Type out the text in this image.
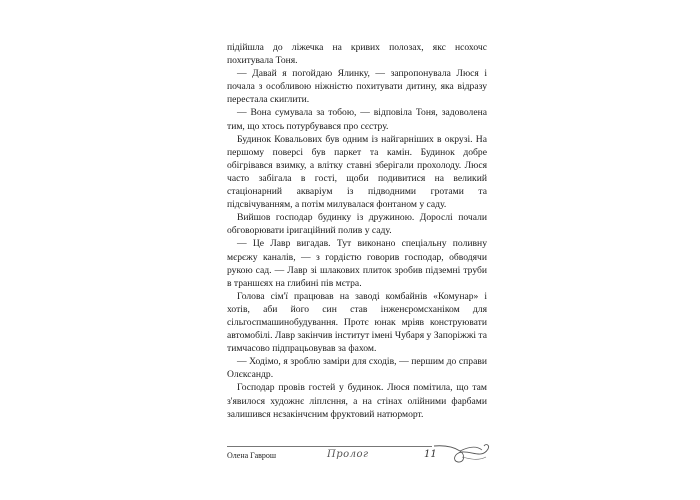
підійшла до ліжечка на кривих полозах, якс нсохочс похитувала Тоня.

— Давай я погойдаю Ялинку, — запропонувала Люся і почала з особливою ніжністю похитувати дитину, яка відразу перестала скиглити.

— Вона сумувала за тобою, — відповіла Тоня, задоволена тим, що хтось потурбувався про сєстру.

Будинок Ковальових був одним із найгарніших в окрузі. На першому поверсі був паркет та камін. Будинок добре обігрівався взимку, а влітку ставні зберігали прохолоду. Люся часто забігала в гості, щоби подивитися на великий стаціонарний акваріум із підводними гротами та підсвічуванням, а потім милувалася фонтаном у саду.

Вийшов господар будинку із дружиною. Дорослі почали обговорювати іригаційний полив у саду.

— Це Лавр вигадав. Тут виконано спеціальну поливну мєрєжу каналів, — з гордістю говорив господар, обводячи рукою сад. — Лавр зі шлакових плиток зробив підземні труби в траншєях на глибині пів мєтра.

Голова сім'ї працював на заводі комбайнів «Комунар» і хотів, аби його син став інженєромсханіком для сільгоспмашинобудування. Протє юнак мріяв конструювати автомобілі. Лавр закінчив інститут імені Чубаря у Запоріжжі та тимчасово підпрацьовував за фахом.

— Ходімо, я зроблю заміри для сходів, — першим до справи Олєксандр.

Господар провів гостей у будинок. Люся помітила, що там з'явилося художнє ліплєння, а на стінах олійними фарбами залишився нєзакінчєним фруктовий натюрморт.

Олена Гаврош	Пролог	11
